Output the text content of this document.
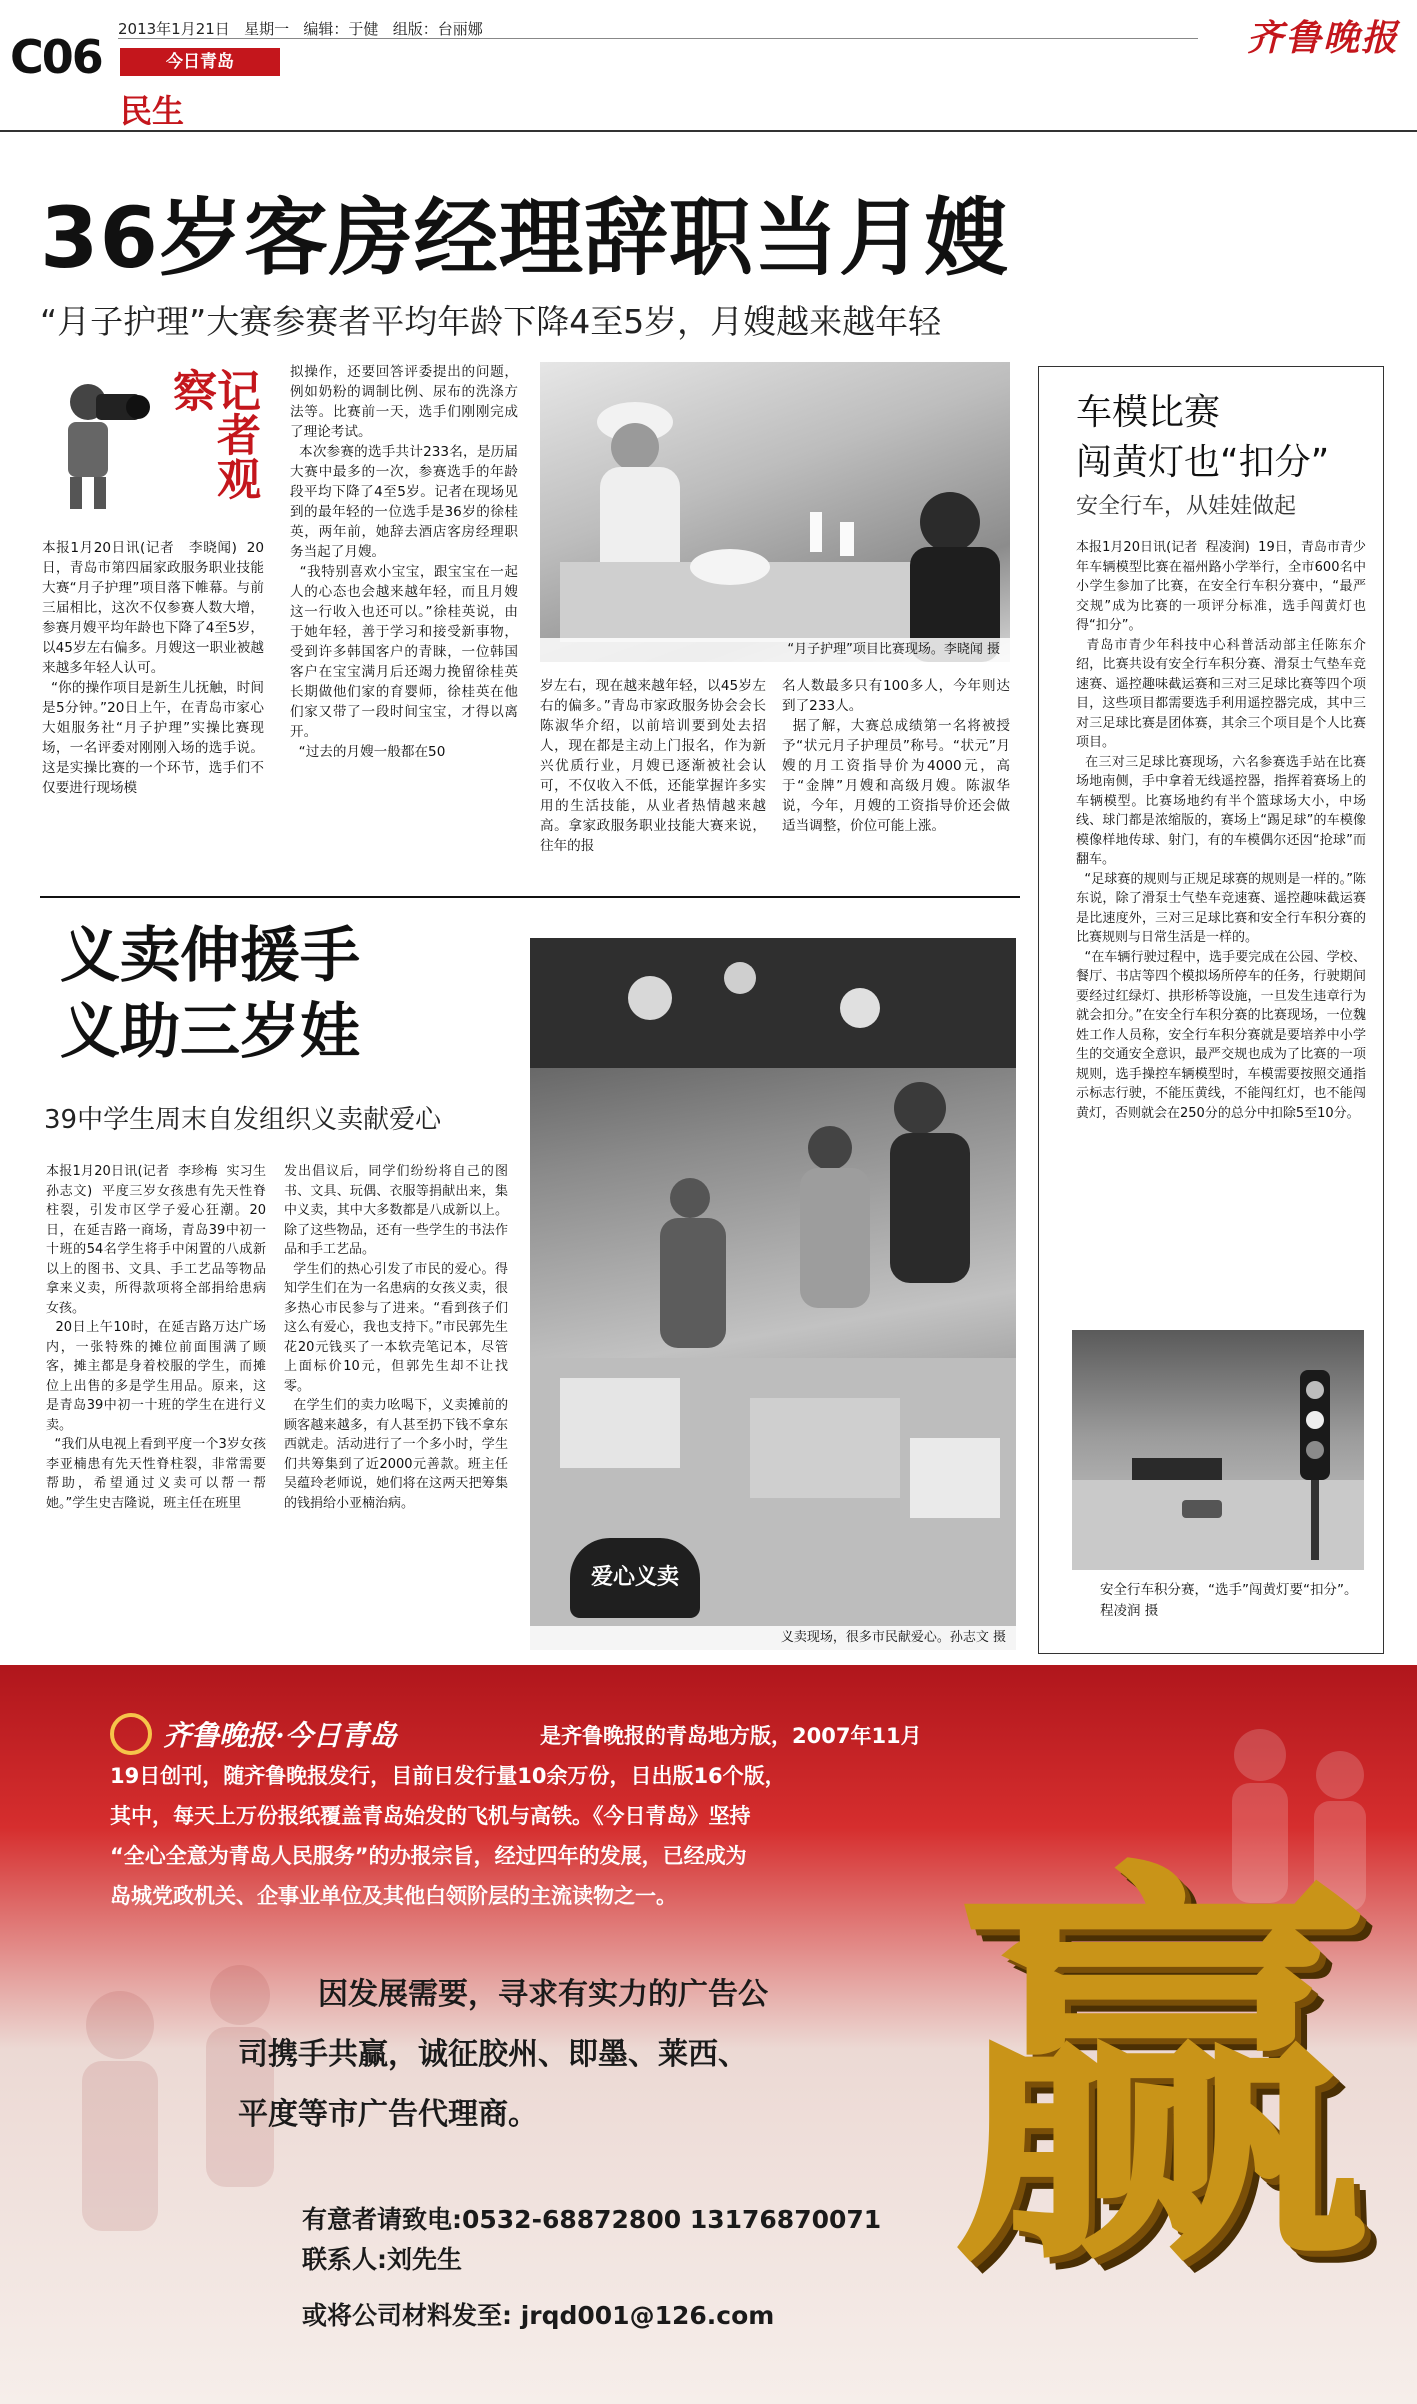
C06
2013年1月21日   星期一   编辑：于健   组版：台丽娜
今日青岛
民生
齐鲁晚报
36岁客房经理辞职当月嫂
“月子护理”大赛参赛者平均年龄下降4至5岁，月嫂越来越年轻
记者观察
本报1月20日讯(记者   李晓闻)  20日，青岛市第四届家政服务职业技能大赛“月子护理”项目落下帷幕。与前三届相比，这次不仅参赛人数大增，参赛月嫂平均年龄也下降了4至5岁，以45岁左右偏多。月嫂这一职业被越来越多年轻人认可。
“你的操作项目是新生儿抚触，时间是5分钟。”20日上午，在青岛市家心大姐服务社“月子护理”实操比赛现场，一名评委对刚刚入场的选手说。这是实操比赛的一个环节，选手们不仅要进行现场模
拟操作，还要回答评委提出的问题，例如奶粉的调制比例、尿布的洗涤方法等。比赛前一天，选手们刚刚完成了理论考试。
本次参赛的选手共计233名，是历届大赛中最多的一次，参赛选手的年龄段平均下降了4至5岁。记者在现场见到的最年轻的一位选手是36岁的徐桂英，两年前，她辞去酒店客房经理职务当起了月嫂。
“我特别喜欢小宝宝，跟宝宝在一起人的心态也会越来越年轻，而且月嫂这一行收入也还可以。”徐桂英说，由于她年轻，善于学习和接受新事物，受到许多韩国客户的青睐，一位韩国客户在宝宝满月后还竭力挽留徐桂英长期做他们家的育婴师，徐桂英在他们家又带了一段时间宝宝，才得以离开。
“过去的月嫂一般都在50
“月子护理”项目比赛现场。李晓闻 摄
岁左右，现在越来越年轻，以45岁左右的偏多。”青岛市家政服务协会会长陈淑华介绍，以前培训要到处去招人，现在都是主动上门报名，作为新兴优质行业，月嫂已逐渐被社会认可，不仅收入不低，还能掌握许多实用的生活技能，从业者热情越来越高。拿家政服务职业技能大赛来说，往年的报
名人数最多只有100多人，今年则达到了233人。
据了解，大赛总成绩第一名将被授予“状元月子护理员”称号。“状元”月嫂的月工资指导价为4000元，高于“金牌”月嫂和高级月嫂。陈淑华说，今年，月嫂的工资指导价还会做适当调整，价位可能上涨。
车模比赛
闯黄灯也“扣分”
安全行车，从娃娃做起
本报1月20日讯(记者  程凌润)  19日，青岛市青少年车辆模型比赛在福州路小学举行，全市600名中小学生参加了比赛，在安全行车积分赛中，“最严交规”成为比赛的一项评分标准，选手闯黄灯也得“扣分”。
青岛市青少年科技中心科普活动部主任陈东介绍，比赛共设有安全行车积分赛、滑泵士气垫车竞速赛、遥控趣味截运赛和三对三足球比赛等四个项目，这些项目都需要选手利用遥控器完成，其中三对三足球比赛是团体赛，其余三个项目是个人比赛项目。
在三对三足球比赛现场，六名参赛选手站在比赛场地南侧，手中拿着无线遥控器，指挥着赛场上的车辆模型。比赛场地约有半个篮球场大小，中场线、球门都是浓缩版的，赛场上“踢足球”的车模像模像样地传球、射门，有的车模偶尔还因“抢球”而翻车。
“足球赛的规则与正规足球赛的规则是一样的。”陈东说，除了滑泵士气垫车竞速赛、遥控趣味截运赛是比速度外，三对三足球比赛和安全行车积分赛的比赛规则与日常生活是一样的。
“在车辆行驶过程中，选手要完成在公园、学校、餐厅、书店等四个模拟场所停车的任务，行驶期间要经过红绿灯、拱形桥等设施，一旦发生违章行为就会扣分。”在安全行车积分赛的比赛现场，一位魏姓工作人员称，安全行车积分赛就是要培养中小学生的交通安全意识，最严交规也成为了比赛的一项规则，选手操控车辆模型时，车模需要按照交通指示标志行驶，不能压黄线，不能闯红灯，也不能闯黄灯，否则就会在250分的总分中扣除5至10分。
安全行车积分赛，“选手”闯黄灯要“扣分”。 程凌润 摄
义卖伸援手
义助三岁娃
39中学生周末自发组织义卖献爱心
本报1月20日讯(记者  李珍梅  实习生  孙志文)  平度三岁女孩患有先天性脊柱裂，引发市区学子爱心狂潮。20日，在延吉路一商场，青岛39中初一十班的54名学生将手中闲置的八成新以上的图书、文具、手工艺品等物品拿来义卖，所得款项将全部捐给患病女孩。
20日上午10时，在延吉路万达广场内，一张特殊的摊位前面围满了顾客，摊主都是身着校服的学生，而摊位上出售的多是学生用品。原来，这是青岛39中初一十班的学生在进行义卖。
“我们从电视上看到平度一个3岁女孩李亚楠患有先天性脊柱裂，非常需要帮助，希望通过义卖可以帮一帮她。”学生史吉隆说，班主任在班里
发出倡议后，同学们纷纷将自己的图书、文具、玩偶、衣服等捐献出来，集中义卖，其中大多数都是八成新以上。除了这些物品，还有一些学生的书法作品和手工艺品。
学生们的热心引发了市民的爱心。得知学生们在为一名患病的女孩义卖，很多热心市民参与了进来。“看到孩子们这么有爱心，我也支持下。”市民郭先生花20元钱买了一本软壳笔记本，尽管上面标价10元，但郭先生却不让找零。
在学生们的卖力吆喝下，义卖摊前的顾客越来越多，有人甚至扔下钱不拿东西就走。活动进行了一个多小时，学生们共筹集到了近2000元善款。班主任吴蕴玲老师说，她们将在这两天把筹集的钱捐给小亚楠治病。
爱心义卖
义卖现场，很多市民献爱心。孙志文 摄
齐鲁晚报·今日青岛	是齐鲁晚报的青岛地方版，2007年11月
19日创刊，随齐鲁晚报发行，目前日发行量10余万份，日出版16个版，
其中，每天上万份报纸覆盖青岛始发的飞机与高铁。《今日青岛》坚持
“全心全意为青岛人民服务”的办报宗旨，经过四年的发展，已经成为
岛城党政机关、企事业单位及其他白领阶层的主流读物之一。
因发展需要，寻求有实力的广告公
司携手共赢，诚征胶州、即墨、莱西、
平度等市广告代理商。
有意者请致电:0532-68872800 13176870071
联系人:刘先生
或将公司材料发至: jrqd001@126.com 赢
